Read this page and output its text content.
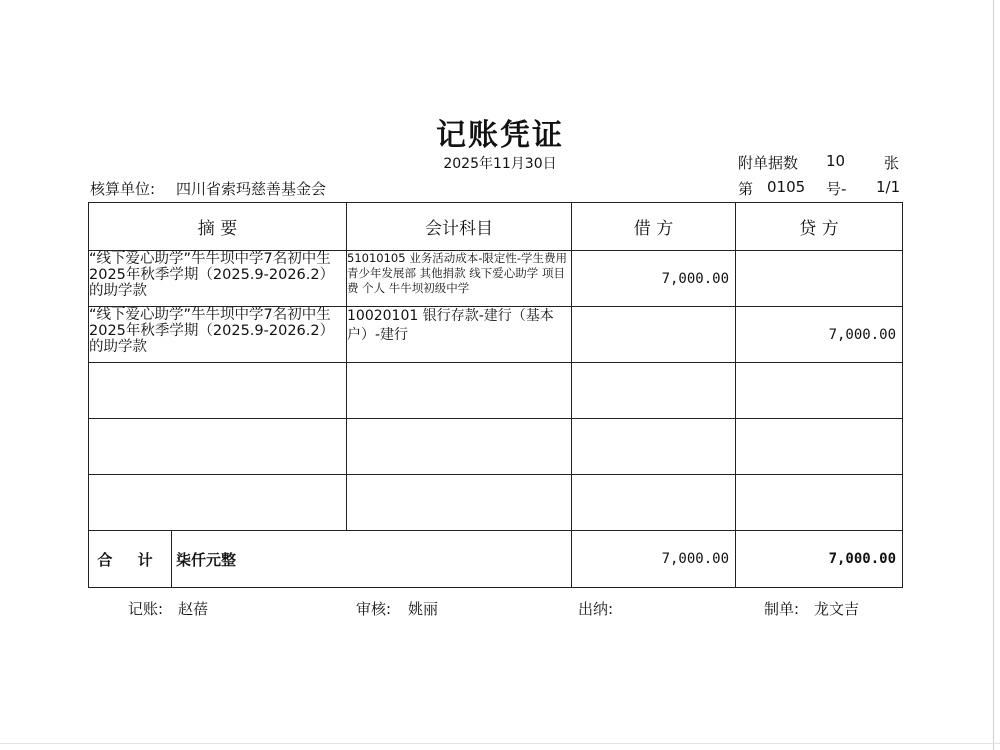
记账凭证
2025年11月30日	附单据数 10	张
核算单位: 四川省索玛慈善基金会	第 0105 号- 1/1
摘 要	会计科目	借 方	贷 方
“线下爱心助学”牛牛坝中学7名初中生2025年秋季学期（2025.9-2026.2）的助学款	51010105 业务活动成本-限定性-学生费用 青少年发展部 其他捐款 线下爱心助学 项目费 个人 牛牛坝初级中学	7,000.00	
“线下爱心助学”牛牛坝中学7名初中生2025年秋季学期（2025.9-2026.2）的助学款	10020101 银行存款-建行（基本户）-建行		7,000.00

合 计 柒仟元整		7,000.00	7,000.00
记账: 赵蓓	审核: 姚丽	出纳:	制单: 龙文吉
